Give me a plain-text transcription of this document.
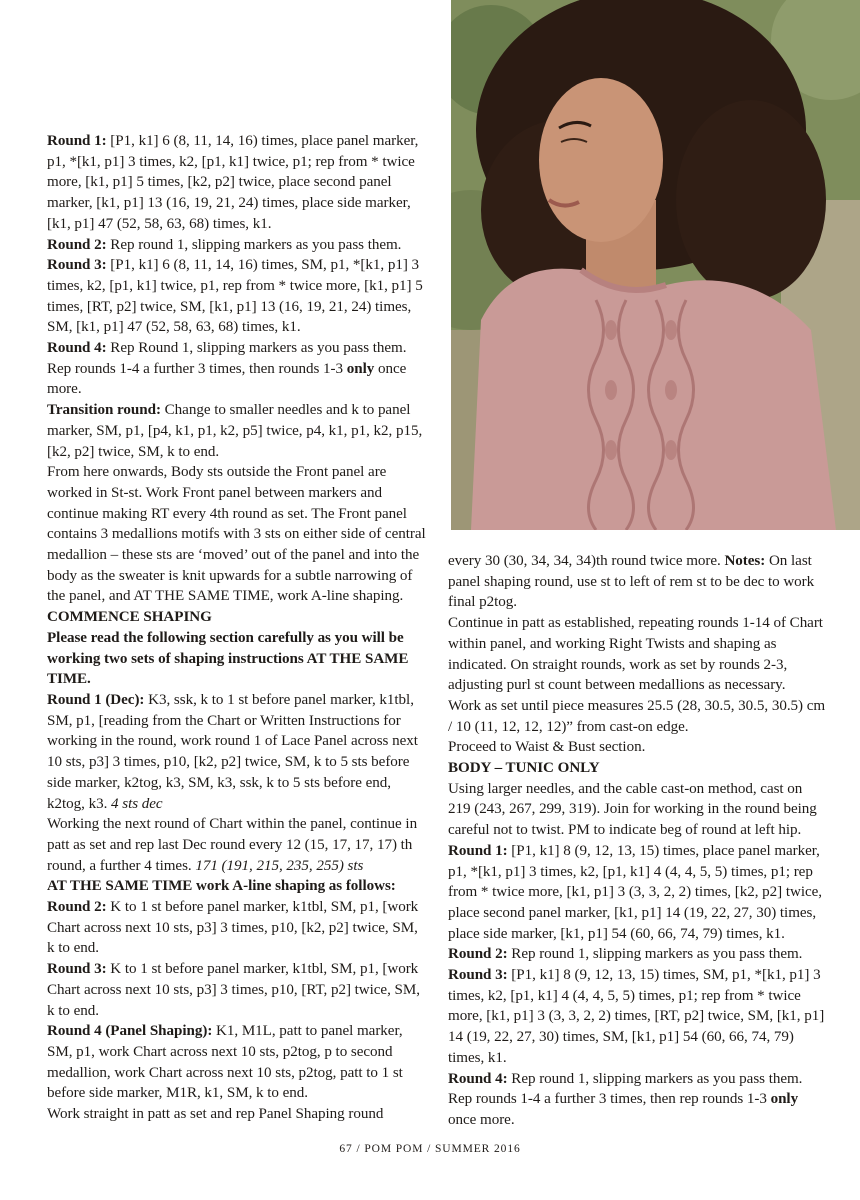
Round 1: [P1, k1] 6 (8, 11, 14, 16) times, place panel marker, p1, *[k1, p1] 3 times, k2, [p1, k1] twice, p1; rep from * twice more, [k1, p1] 5 times, [k2, p2] twice, place second panel marker, [k1, p1] 13 (16, 19, 21, 24) times, place side marker, [k1, p1] 47 (52, 58, 63, 68) times, k1.

Round 2: Rep round 1, slipping markers as you pass them.

Round 3: [P1, k1] 6 (8, 11, 14, 16) times, SM, p1, *[k1, p1] 3 times, k2, [p1, k1] twice, p1, rep from * twice more, [k1, p1] 5 times, [RT, p2] twice, SM, [k1, p1] 13 (16, 19, 21, 24) times, SM, [k1, p1] 47 (52, 58, 63, 68) times, k1.

Round 4: Rep Round 1, slipping markers as you pass them.

Rep rounds 1-4 a further 3 times, then rounds 1-3 only once more.

Transition round: Change to smaller needles and k to panel marker, SM, p1, [p4, k1, p1, k2, p5] twice, p4, k1, p1, k2, p15, [k2, p2] twice, SM, k to end.

From here onwards, Body sts outside the Front panel are worked in St-st. Work Front panel between markers and continue making RT every 4th round as set. The Front panel contains 3 medallions motifs with 3 sts on either side of central medallion – these sts are ‘moved’ out of the panel and into the body as the sweater is knit upwards for a subtle narrowing of the panel, and AT THE SAME TIME, work A-line shaping.

COMMENCE SHAPING

Please read the following section carefully as you will be working two sets of shaping instructions AT THE SAME TIME.

Round 1 (Dec): K3, ssk, k to 1 st before panel marker, k1tbl, SM, p1, [reading from the Chart or Written Instructions for working in the round, work round 1 of Lace Panel across next 10 sts, p3] 3 times, p10, [k2, p2] twice, SM, k to 5 sts before side marker, k2tog, k3, SM, k3, ssk, k to 5 sts before end, k2tog, k3. 4 sts dec

Working the next round of Chart within the panel, continue in patt as set and rep last Dec round every 12 (15, 17, 17, 17) th round, a further 4 times. 171 (191, 215, 235, 255) sts

AT THE SAME TIME work A-line shaping as follows:

Round 2: K to 1 st before panel marker, k1tbl, SM, p1, [work Chart across next 10 sts, p3] 3 times, p10, [k2, p2] twice, SM, k to end.

Round 3: K to 1 st before panel marker, k1tbl, SM, p1, [work Chart across next 10 sts, p3] 3 times, p10, [RT, p2] twice, SM, k to end.

Round 4 (Panel Shaping): K1, M1L, patt to panel marker, SM, p1, work Chart across next 10 sts, p2tog, p to second medallion, work Chart across next 10 sts, p2tog, patt to 1 st before side marker, M1R, k1, SM, k to end.

Work straight in patt as set and rep Panel Shaping round

every 30 (30, 34, 34, 34)th round twice more. Notes: On last panel shaping round, use st to left of rem st to be dec to work final p2tog.

Continue in patt as established, repeating rounds 1-14 of Chart within panel, and working Right Twists and shaping as indicated. On straight rounds, work as set by rounds 2-3, adjusting purl st count between medallions as necessary.

Work as set until piece measures 25.5 (28, 30.5, 30.5, 30.5) cm / 10 (11, 12, 12, 12)” from cast-on edge.

Proceed to Waist & Bust section.

BODY – TUNIC ONLY

Using larger needles, and the cable cast-on method, cast on 219 (243, 267, 299, 319). Join for working in the round being careful not to twist. PM to indicate beg of round at left hip.

Round 1: [P1, k1] 8 (9, 12, 13, 15) times, place panel marker, p1, *[k1, p1] 3 times, k2, [p1, k1] 4 (4, 4, 5, 5) times, p1; rep from * twice more, [k1, p1] 3 (3, 3, 2, 2) times, [k2, p2] twice, place second panel marker, [k1, p1] 14 (19, 22, 27, 30) times, place side marker, [k1, p1] 54 (60, 66, 74, 79) times, k1.

Round 2: Rep round 1, slipping markers as you pass them.

Round 3: [P1, k1] 8 (9, 12, 13, 15) times, SM, p1, *[k1, p1] 3 times, k2, [p1, k1] 4 (4, 4, 5, 5) times, p1; rep from * twice more, [k1, p1] 3 (3, 3, 2, 2) times, [RT, p2] twice, SM, [k1, p1] 14 (19, 22, 27, 30) times, SM, [k1, p1] 54 (60, 66, 74, 79) times, k1.

Round 4: Rep round 1, slipping markers as you pass them.

Rep rounds 1-4 a further 3 times, then rep rounds 1-3 only once more.

67 / POM POM / SUMMER 2016
